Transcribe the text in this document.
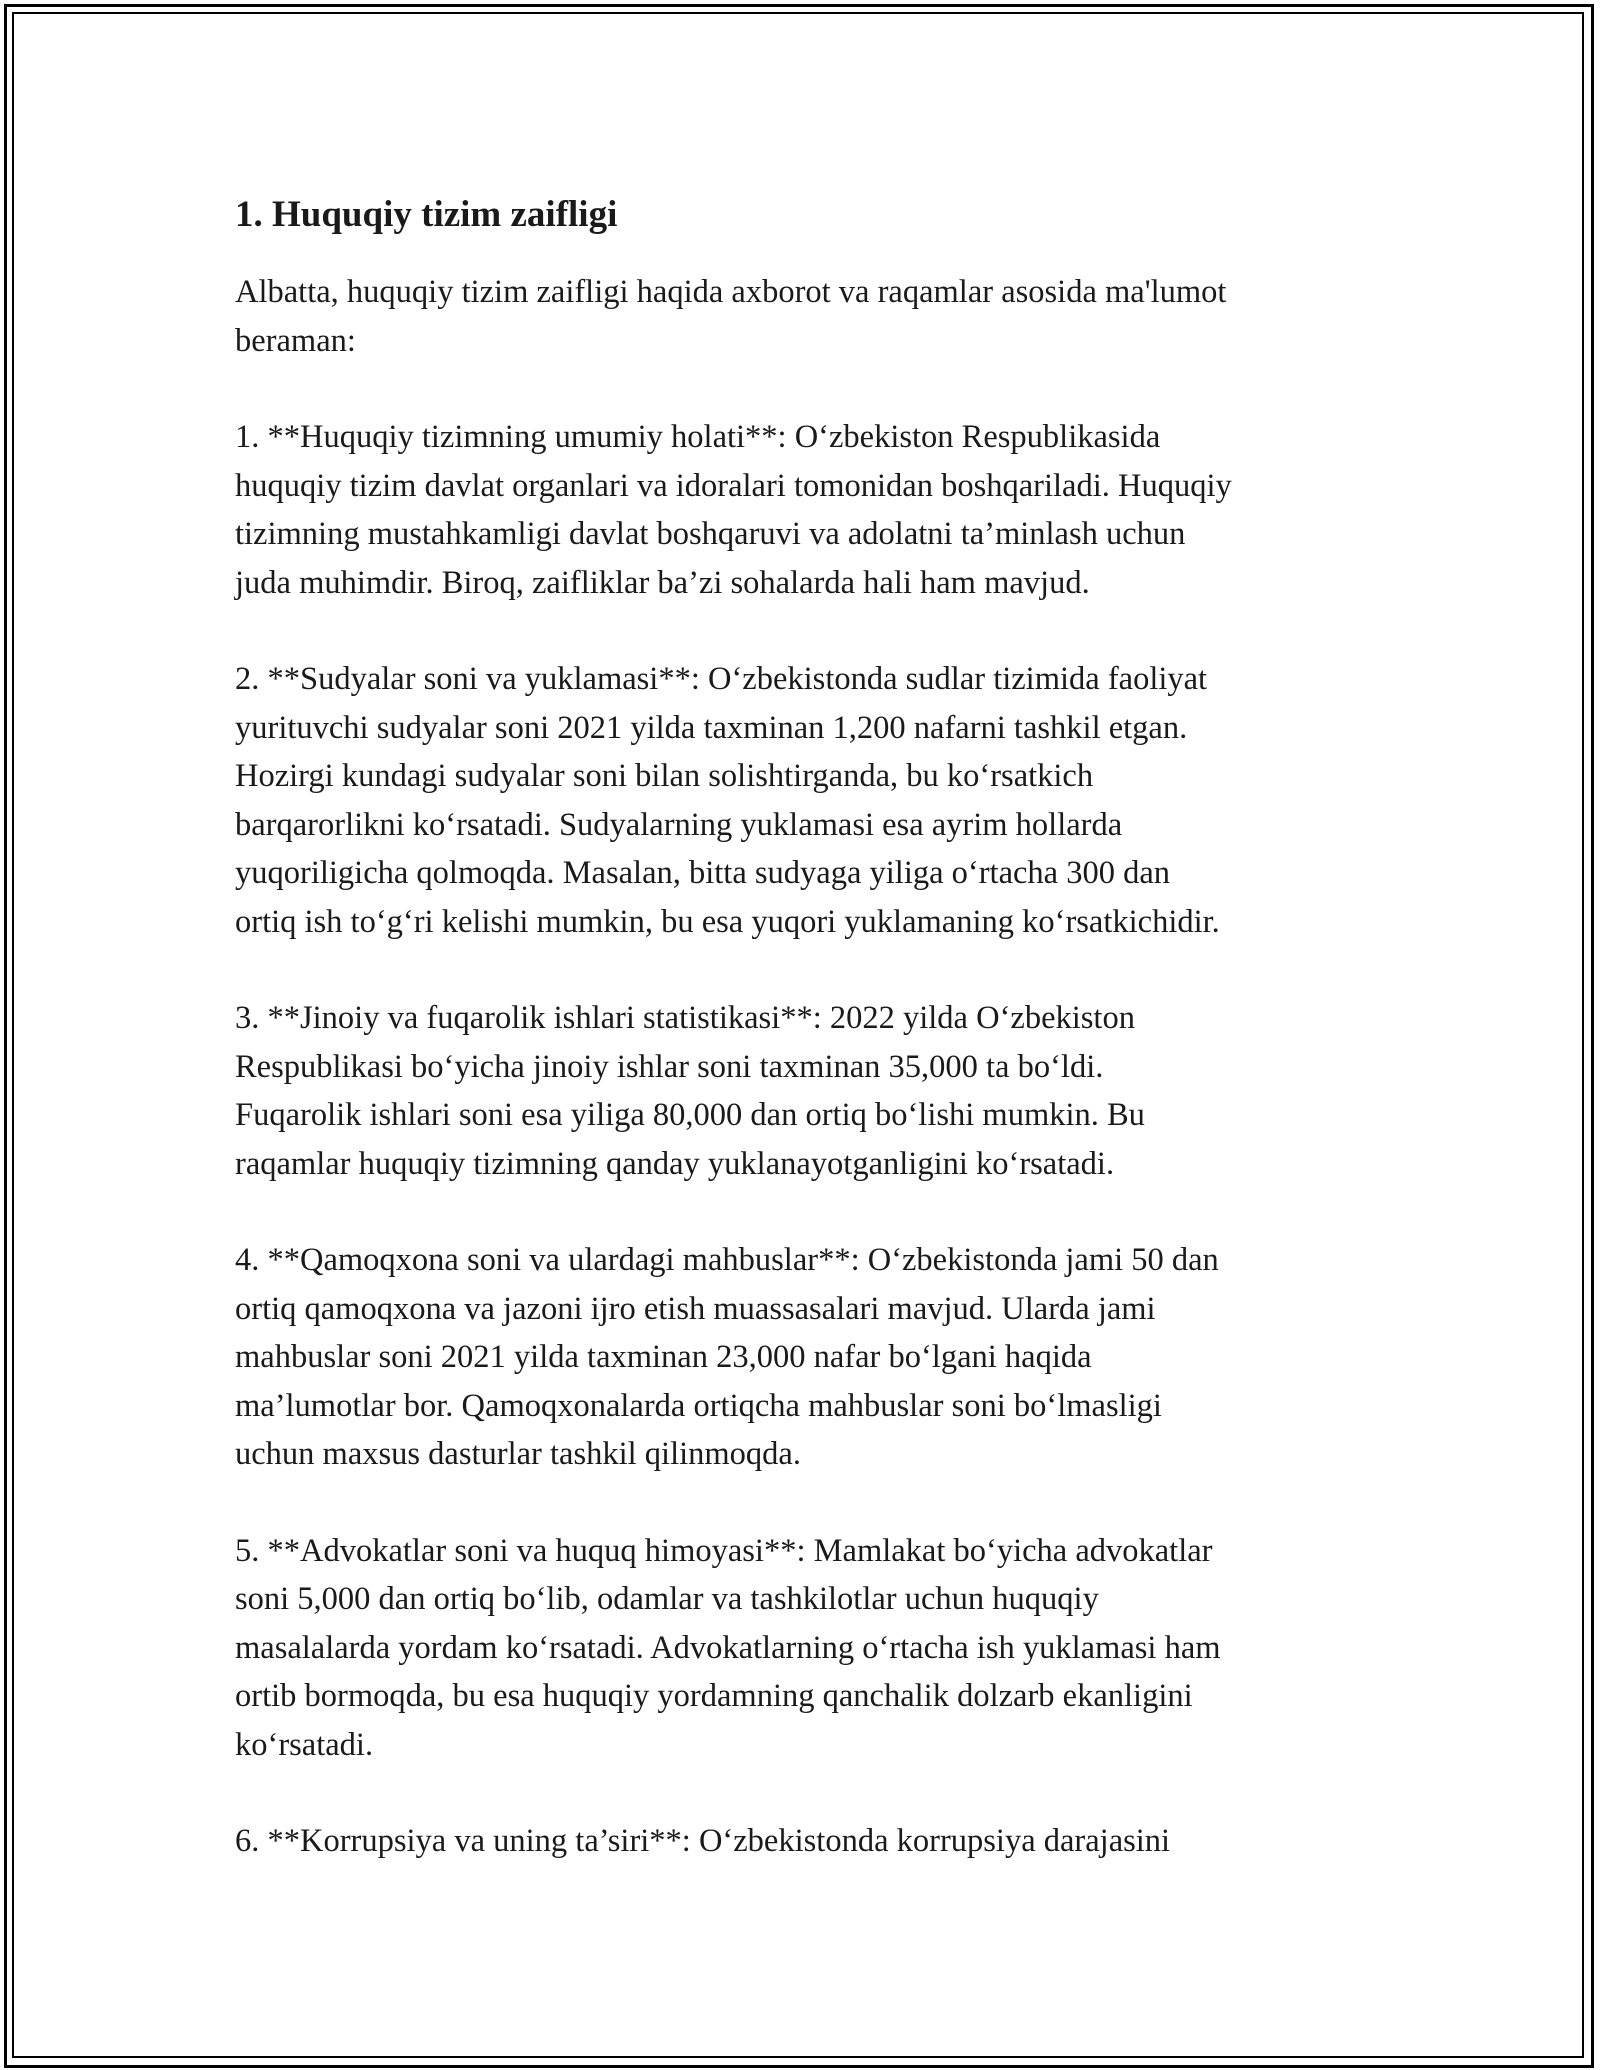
1. Huquqiy tizim zaifligi

Albatta, huquqiy tizim zaifligi haqida axborot va raqamlar asosida ma'lumot
beraman:

1. **Huquqiy tizimning umumiy holati**: O‘zbekiston Respublikasida
huquqiy tizim davlat organlari va idoralari tomonidan boshqariladi. Huquqiy
tizimning mustahkamligi davlat boshqaruvi va adolatni ta’minlash uchun
juda muhimdir. Biroq, zaifliklar ba’zi sohalarda hali ham mavjud.

2. **Sudyalar soni va yuklamasi**: O‘zbekistonda sudlar tizimida faoliyat
yurituvchi sudyalar soni 2021 yilda taxminan 1,200 nafarni tashkil etgan.
Hozirgi kundagi sudyalar soni bilan solishtirganda, bu ko‘rsatkich
barqarorlikni ko‘rsatadi. Sudyalarning yuklamasi esa ayrim hollarda
yuqoriligicha qolmoqda. Masalan, bitta sudyaga yiliga o‘rtacha 300 dan
ortiq ish to‘g‘ri kelishi mumkin, bu esa yuqori yuklamaning ko‘rsatkichidir.

3. **Jinoiy va fuqarolik ishlari statistikasi**: 2022 yilda O‘zbekiston
Respublikasi bo‘yicha jinoiy ishlar soni taxminan 35,000 ta bo‘ldi.
Fuqarolik ishlari soni esa yiliga 80,000 dan ortiq bo‘lishi mumkin. Bu
raqamlar huquqiy tizimning qanday yuklanayotganligini ko‘rsatadi.

4. **Qamoqxona soni va ulardagi mahbuslar**: O‘zbekistonda jami 50 dan
ortiq qamoqxona va jazoni ijro etish muassasalari mavjud. Ularda jami
mahbuslar soni 2021 yilda taxminan 23,000 nafar bo‘lgani haqida
ma’lumotlar bor. Qamoqxonalarda ortiqcha mahbuslar soni bo‘lmasligi
uchun maxsus dasturlar tashkil qilinmoqda.

5. **Advokatlar soni va huquq himoyasi**: Mamlakat bo‘yicha advokatlar
soni 5,000 dan ortiq bo‘lib, odamlar va tashkilotlar uchun huquqiy
masalalarda yordam ko‘rsatadi. Advokatlarning o‘rtacha ish yuklamasi ham
ortib bormoqda, bu esa huquqiy yordamning qanchalik dolzarb ekanligini
ko‘rsatadi.

6. **Korrupsiya va uning ta’siri**: O‘zbekistonda korrupsiya darajasini
